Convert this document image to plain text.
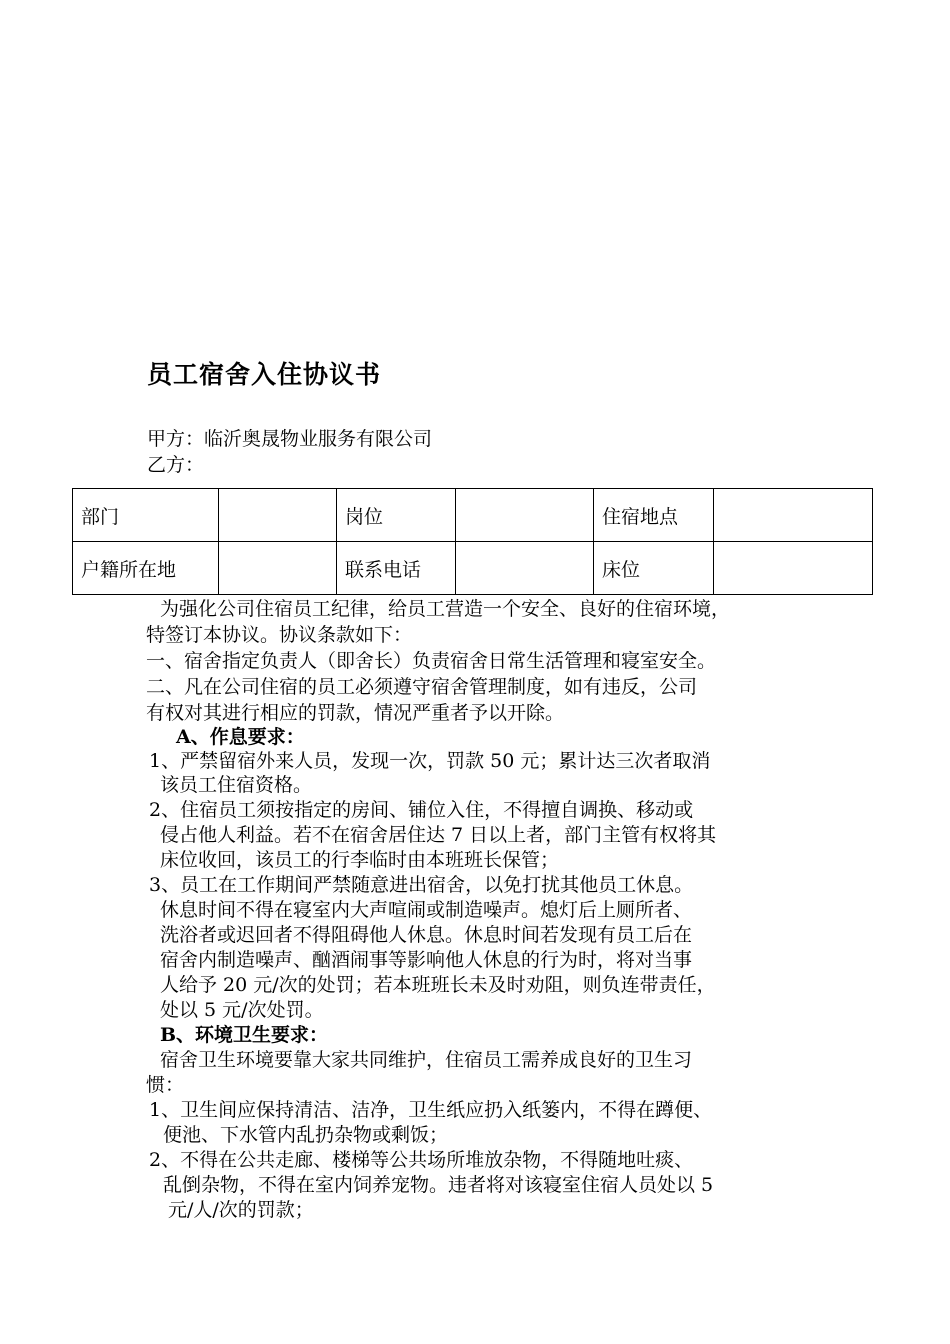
员工宿舍入住协议书
甲方：临沂奥晟物业服务有限公司
乙方：
部门		岗位		住宿地点	
户籍所在地		联系电话		床位	
为强化公司住宿员工纪律，给员工营造一个安全、良好的住宿环境，
特签订本协议。协议条款如下：
一、宿舍指定负责人（即舍长）负责宿舍日常生活管理和寝室安全。
二、凡在公司住宿的员工必须遵守宿舍管理制度，如有违反，公司
有权对其进行相应的罚款，情况严重者予以开除。
A、作息要求：
1、严禁留宿外来人员，发现一次，罚款 50 元；累计达三次者取消
该员工住宿资格。
2、住宿员工须按指定的房间、铺位入住，不得擅自调换、移动或
侵占他人利益。若不在宿舍居住达 7 日以上者，部门主管有权将其
床位收回，该员工的行李临时由本班班长保管；
3、员工在工作期间严禁随意进出宿舍，以免打扰其他员工休息。
休息时间不得在寝室内大声喧闹或制造噪声。熄灯后上厕所者、
洗浴者或迟回者不得阻碍他人休息。休息时间若发现有员工后在
宿舍内制造噪声、酗酒闹事等影响他人休息的行为时，将对当事
人给予 20 元/次的处罚；若本班班长未及时劝阻，则负连带责任，
处以 5 元/次处罚。
B、环境卫生要求：
宿舍卫生环境要靠大家共同维护，住宿员工需养成良好的卫生习
惯：
1、卫生间应保持清洁、洁净，卫生纸应扔入纸篓内，不得在蹲便、
便池、下水管内乱扔杂物或剩饭；
2、不得在公共走廊、楼梯等公共场所堆放杂物，不得随地吐痰、
乱倒杂物，不得在室内饲养宠物。违者将对该寝室住宿人员处以 5
元/人/次的罚款；
